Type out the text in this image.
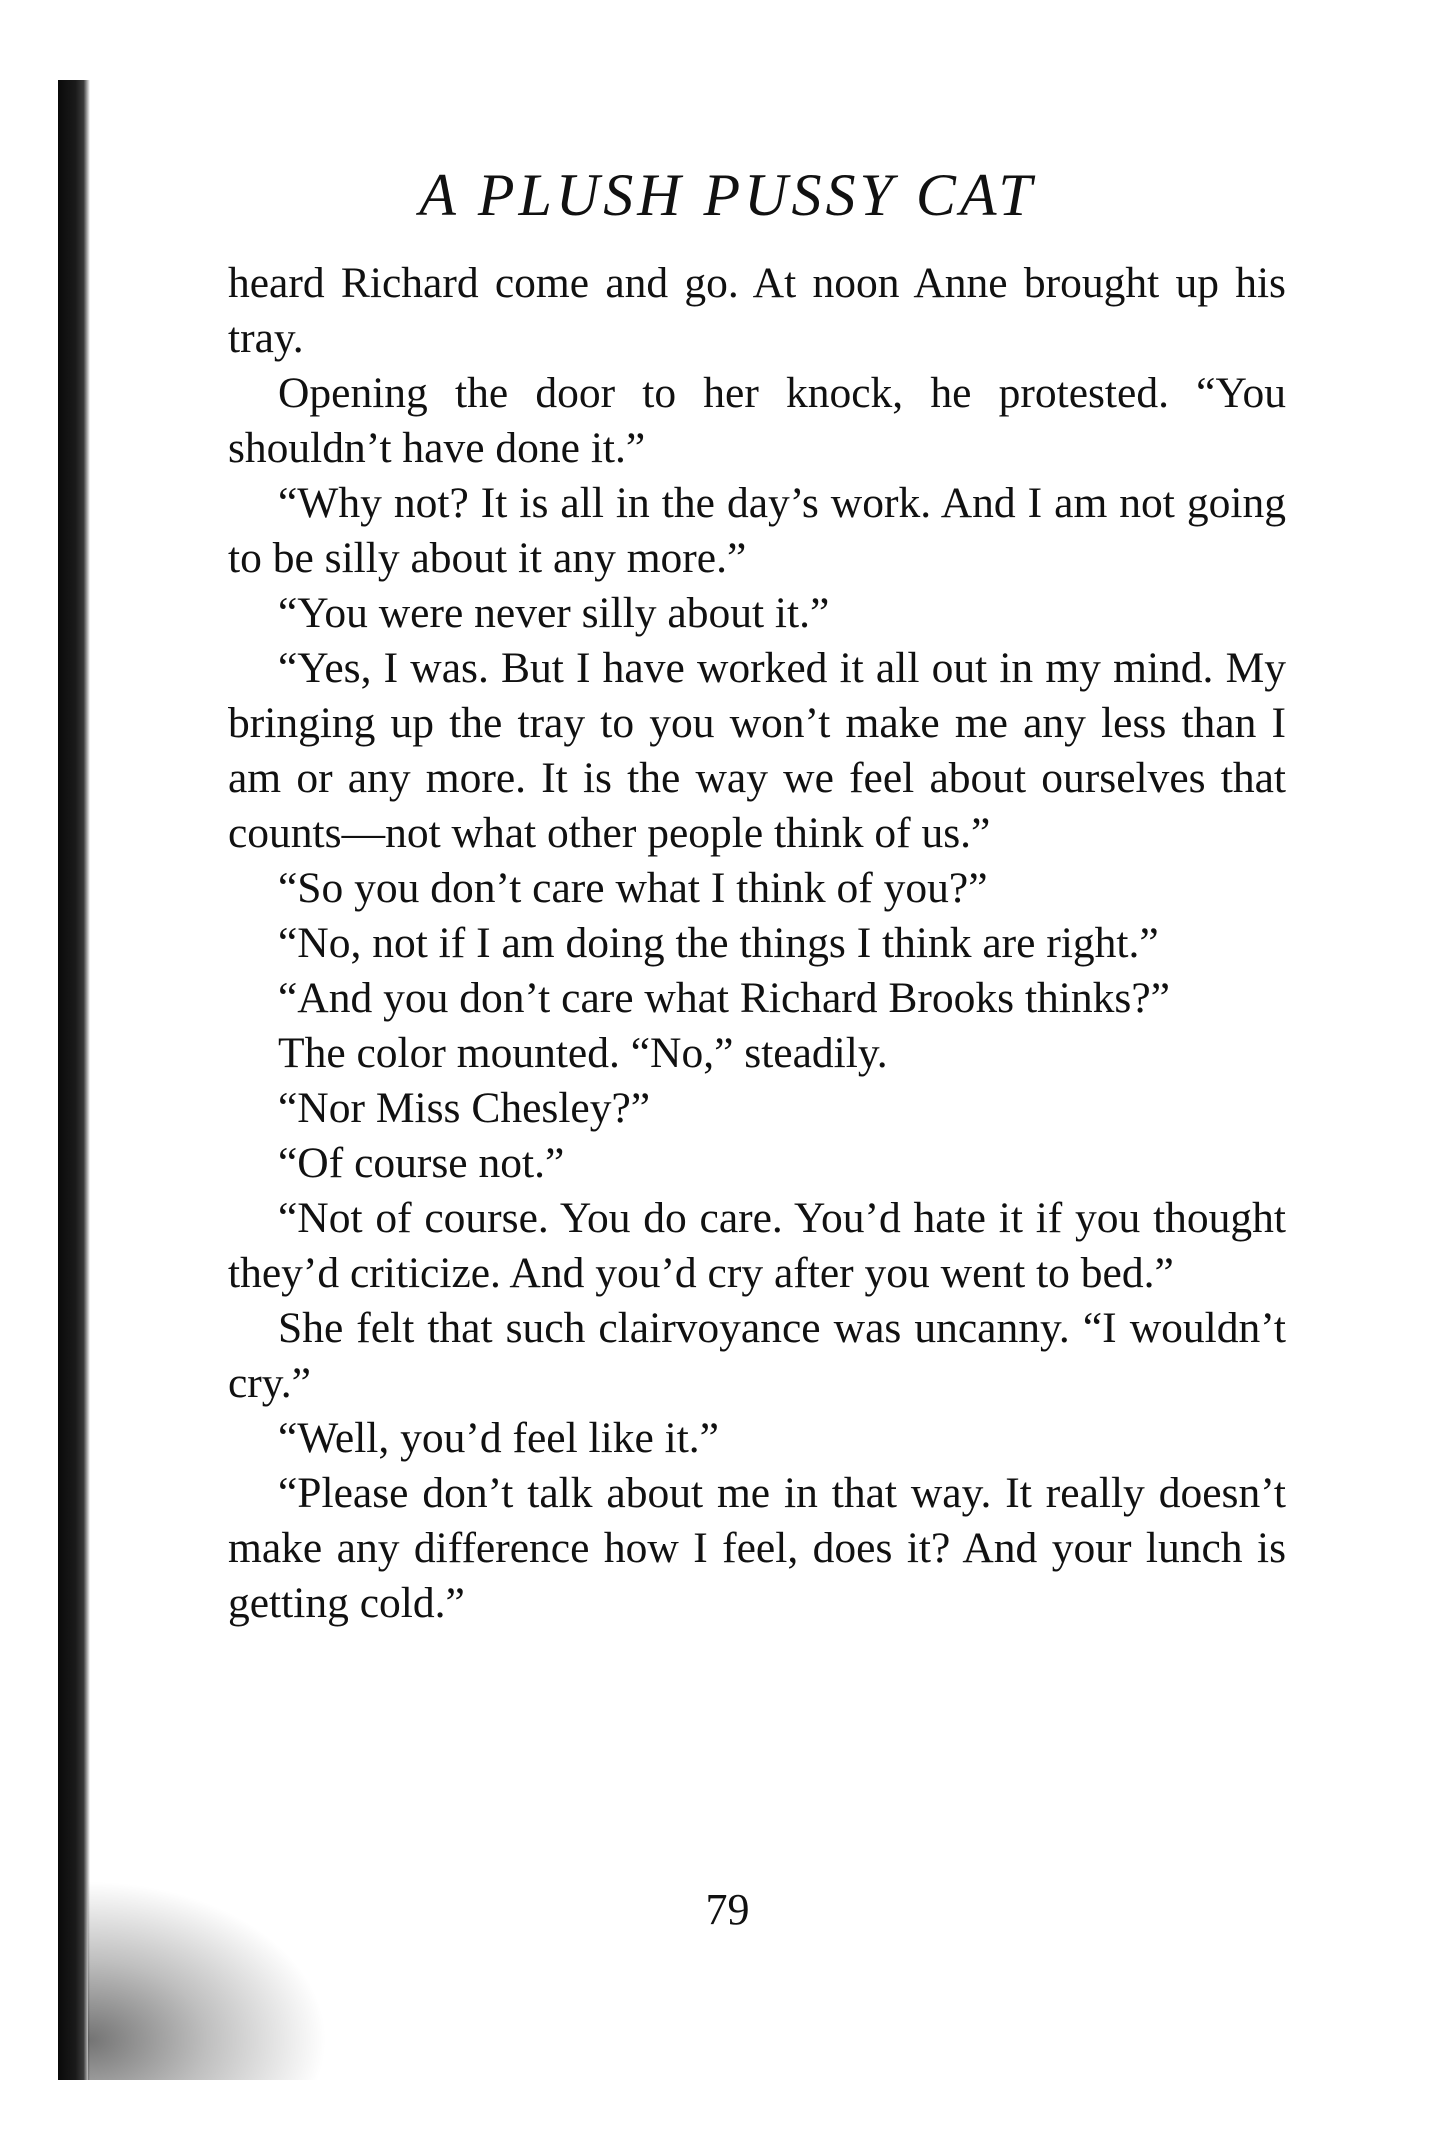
A PLUSH PUSSY CAT

heard Richard come and go. At noon Anne brought up his tray.

Opening the door to her knock, he protested. “You shouldn’t have done it.”

“Why not? It is all in the day’s work. And I am not going to be silly about it any more.”

“You were never silly about it.”

“Yes, I was. But I have worked it all out in my mind. My bringing up the tray to you won’t make me any less than I am or any more. It is the way we feel about ourselves that counts—not what other people think of us.”

“So you don’t care what I think of you?”

“No, not if I am doing the things I think are right.”

“And you don’t care what Richard Brooks thinks?”

The color mounted. “No,” steadily.

“Nor Miss Chesley?”

“Of course not.”

“Not of course. You do care. You’d hate it if you thought they’d criticize. And you’d cry after you went to bed.”

She felt that such clairvoyance was uncanny. “I wouldn’t cry.”

“Well, you’d feel like it.”

“Please don’t talk about me in that way. It really doesn’t make any difference how I feel, does it? And your lunch is getting cold.”

79
